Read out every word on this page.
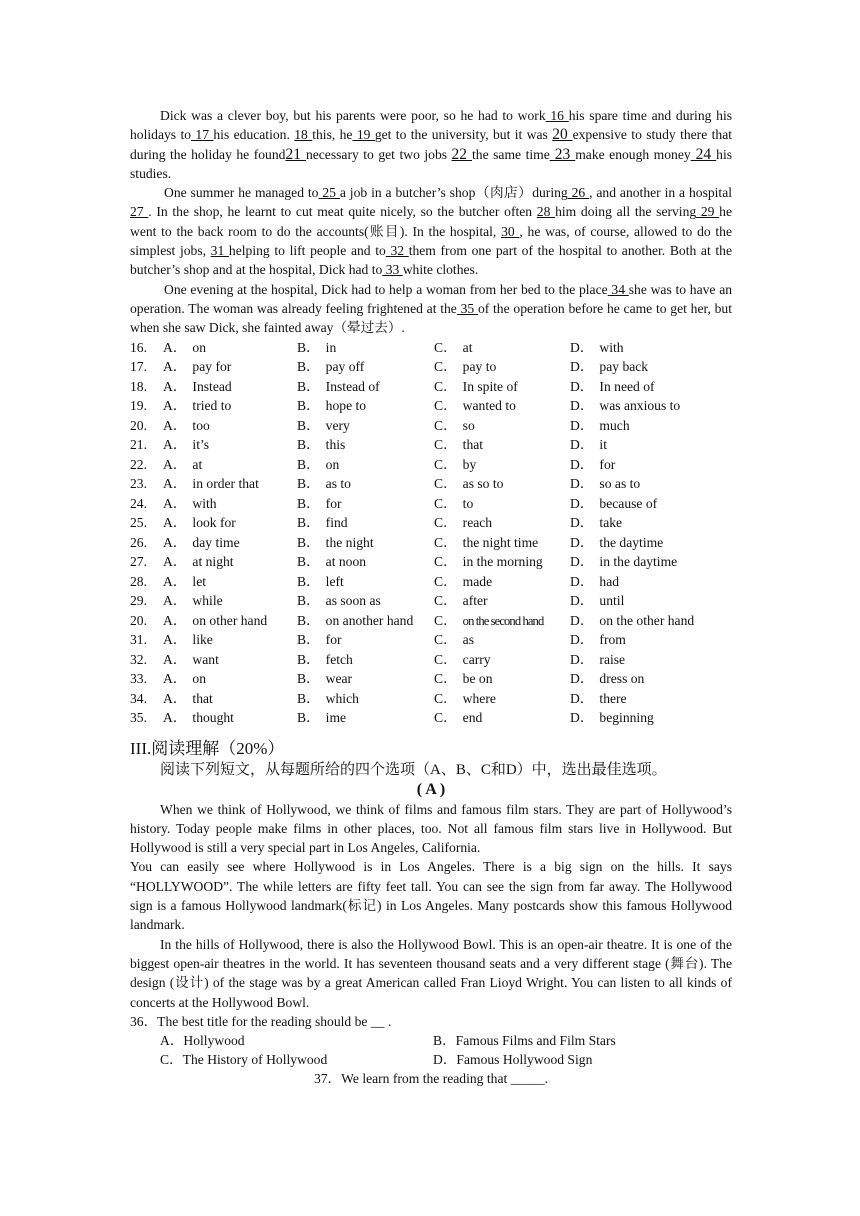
Dick was a clever boy, but his parents were poor, so he had to work 16 his spare time and during his holidays to 17 his education. 18 this, he 19 get to the university, but it was 20 expensive to study there that during the holiday he found21 necessary to get two jobs 22 the same time 23 make enough money 24 his studies.

One summer he managed to 25 a job in a butcher’s shop（肉店）during 26 , and another in a hospital 27 . In the shop, he learnt to cut meat quite nicely, so the butcher often 28 him doing all the serving 29 he went to the back room to do the accounts(账目). In the hospital, 30 , he was, of course, allowed to do the simplest jobs, 31 helping to lift people and to 32 them from one part of the hospital to another. Both at the butcher’s shop and at the hospital, Dick had to 33 white clothes.

One evening at the hospital, Dick had to help a woman from her bed to the place 34 she was to have an operation. The woman was already feeling frightened at the 35 of the operation before he came to get her, but when she saw Dick, she fainted away（晕过去）.

16.	A． on	B． in	C． at	D． with
17.	A． pay for	B． pay off	C． pay to	D． pay back
18.	A． Instead	B． Instead of	C． In spite of	D． In need of
19.	A． tried to	B． hope to	C． wanted to	D． was anxious to
20.	A． too	B． very	C． so	D． much
21.	A． it’s	B． this	C． that	D． it
22.	A． at	B． on	C． by	D． for
23.	A． in order that	B． as to	C． as so to	D． so as to
24.	A． with	B． for	C． to	D． because of
25.	A． look for	B． find	C． reach	D． take
26.	A． day time	B． the night	C． the night time	D． the daytime
27.	A． at night	B． at noon	C． in the morning	D． in the daytime
28.	A． let	B． left	C． made	D． had
29.	A． while	B． as soon as	C． after	D． until
20.	A． on other hand	B． on another hand	C． on the second hand	D． on the other hand
31.	A． like	B． for	C． as	D． from
32.	A． want	B． fetch	C． carry	D． raise
33.	A． on	B． wear	C． be on	D． dress on
34.	A． that	B． which	C． where	D． there
35.	A． thought	B． ime	C． end	D． beginning
III.阅读理解（20%）
阅读下列短文，从每题所给的四个选项（A、B、C和D）中，选出最佳选项。
( A )

When we think of Hollywood, we think of films and famous film stars. They are part of Hollywood’s history. Today people make films in other places, too. Not all famous film stars live in Hollywood. But Hollywood is still a very special part in Los Angeles, California.

You can easily see where Hollywood is in Los Angeles. There is a big sign on the hills. It says “HOLLYWOOD”. The while letters are fifty feet tall. You can see the sign from far away. The Hollywood sign is a famous Hollywood landmark(标记) in Los Angeles. Many postcards show this famous Hollywood landmark.

In the hills of Hollywood, there is also the Hollywood Bowl. This is an open-air theatre. It is one of the biggest open-air theatres in the world. It has seventeen thousand seats and a very different stage (舞台). The design (设计) of the stage was by a great American called Fran Lioyd Wright. You can listen to all kinds of concerts at the Hollywood Bowl.

36．The best title for the reading should be __ .
A．Hollywood	B．Famous Films and Film Stars
C．The History of Hollywood	D．Famous Hollywood Sign
37．We learn from the reading that _____.
